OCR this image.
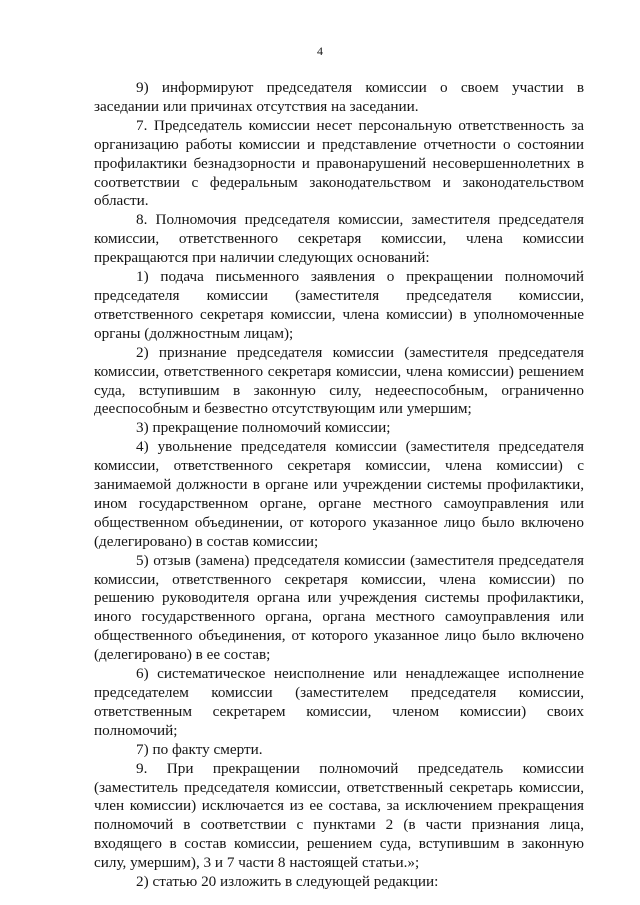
4

9) информируют председателя комиссии о своем участии в заседании или причинах отсутствия на заседании.

7. Председатель комиссии несет персональную ответственность за организацию работы комиссии и представление отчетности о состоянии профилактики безнадзорности и правонарушений несовершеннолетних в соответствии с федеральным законодательством и законодательством области.

8. Полномочия председателя комиссии, заместителя председателя комиссии, ответственного секретаря комиссии, члена комиссии прекращаются при наличии следующих оснований:

1) подача письменного заявления о прекращении полномочий председателя комиссии (заместителя председателя комиссии, ответственного секретаря комиссии, члена комиссии) в уполномоченные органы (должностным лицам);

2) признание председателя комиссии (заместителя председателя комиссии, ответственного секретаря комиссии, члена комиссии) решением суда, вступившим в законную силу, недееспособным, ограниченно дееспособным и безвестно отсутствующим или умершим;

3) прекращение полномочий комиссии;

4) увольнение председателя комиссии (заместителя председателя комиссии, ответственного секретаря комиссии, члена комиссии) с занимаемой должности в органе или учреждении системы профилактики, ином государственном органе, органе местного самоуправления или общественном объединении, от которого указанное лицо было включено (делегировано) в состав комиссии;

5) отзыв (замена) председателя комиссии (заместителя председателя комиссии, ответственного секретаря комиссии, члена комиссии) по решению руководителя органа или учреждения системы профилактики, иного государственного органа, органа местного самоуправления или общественного объединения, от которого указанное лицо было включено (делегировано) в ее состав;

6) систематическое неисполнение или ненадлежащее исполнение председателем комиссии (заместителем председателя комиссии, ответственным секретарем комиссии, членом комиссии) своих полномочий;

7) по факту смерти.

9. При прекращении полномочий председатель комиссии (заместитель председателя комиссии, ответственный секретарь комиссии, член комиссии) исключается из ее состава, за исключением прекращения полномочий в соответствии с пунктами 2 (в части признания лица, входящего в состав комиссии, решением суда, вступившим в законную силу, умершим), 3 и 7 части 8 настоящей статьи.»;

2) статью 20 изложить в следующей редакции:
